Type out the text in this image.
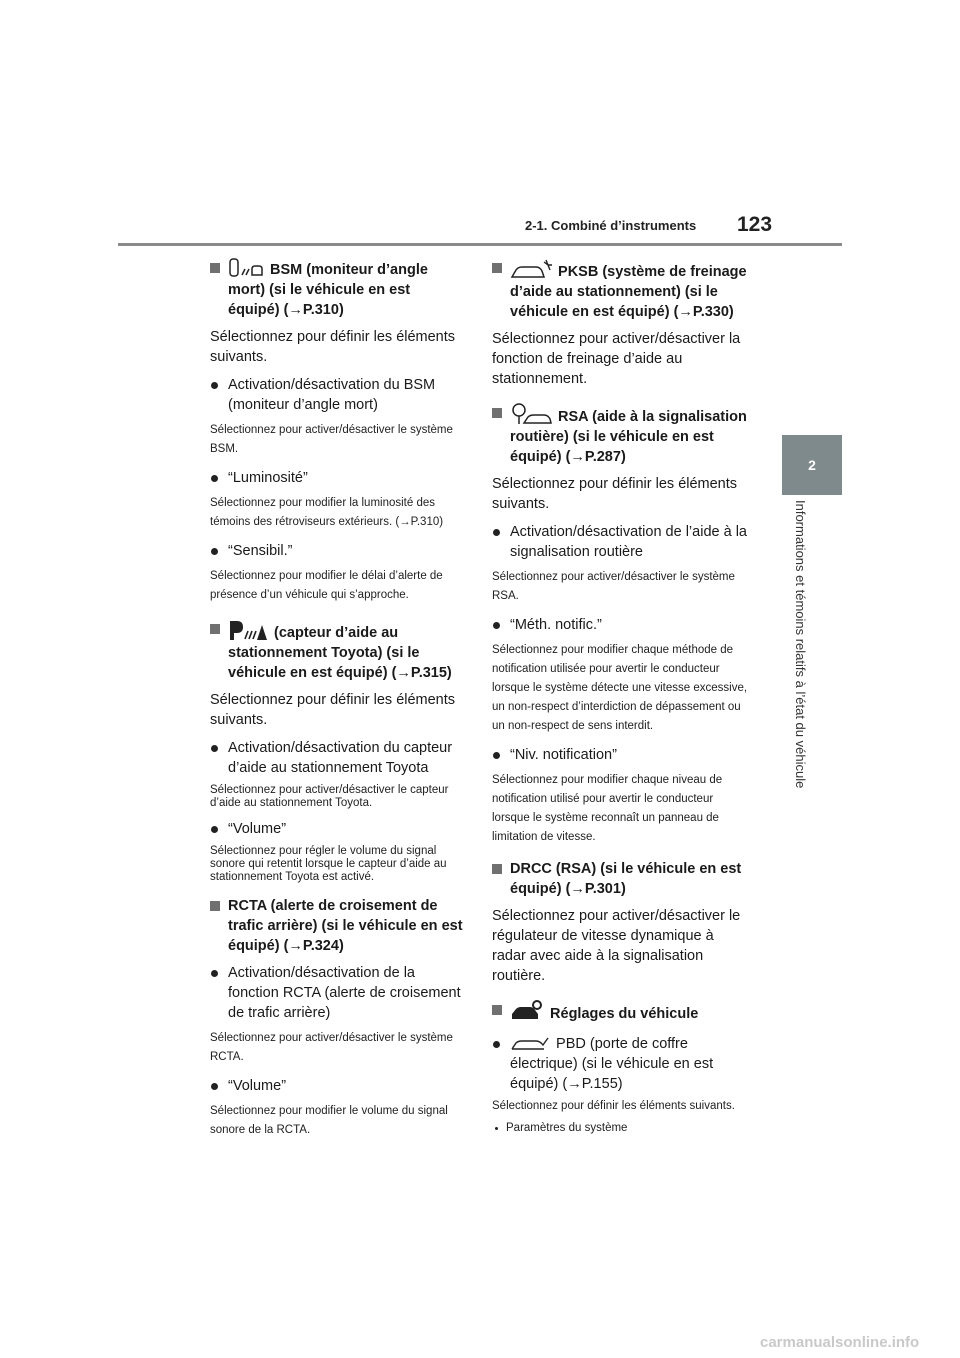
2-1. Combiné d’instruments 123
2
Informations et témoins relatifs à l’état du véhicule
BSM (moniteur d’angle mort) (si le véhicule en est équipé) (→P.310)

Sélectionnez pour définir les éléments suivants.

Activation/désactivation du BSM (moniteur d’angle mort)

Sélectionnez pour activer/désactiver le système BSM.

“Luminosité”

Sélectionnez pour modifier la luminosité des témoins des rétroviseurs extérieurs. (→P.310)

“Sensibil.”

Sélectionnez pour modifier le délai d’alerte de présence d’un véhicule qui s’approche.

(capteur d’aide au stationnement Toyota) (si le véhicule en est équipé) (→P.315)

Sélectionnez pour définir les éléments suivants.

Activation/désactivation du capteur d’aide au stationnement Toyota

Sélectionnez pour activer/désactiver le capteur d’aide au stationnement Toyota.

“Volume”

Sélectionnez pour régler le volume du signal sonore qui retentit lorsque le capteur d’aide au stationnement Toyota est activé.

RCTA (alerte de croisement de trafic arrière) (si le véhicule en est équipé) (→P.324)
Activation/désactivation de la fonction RCTA (alerte de croisement de trafic arrière)

Sélectionnez pour activer/désactiver le système RCTA.

“Volume”

Sélectionnez pour modifier le volume du signal sonore de la RCTA.

PKSB (système de freinage d’aide au stationnement) (si le véhicule en est équipé) (→P.330)

Sélectionnez pour activer/désactiver la fonction de freinage d’aide au stationnement.

RSA (aide à la signalisation routière) (si le véhicule en est équipé) (→P.287)

Sélectionnez pour définir les éléments suivants.

Activation/désactivation de l’aide à la signalisation routière

Sélectionnez pour activer/désactiver le système RSA.

“Méth. notific.”

Sélectionnez pour modifier chaque méthode de notification utilisée pour avertir le conducteur lorsque le système détecte une vitesse excessive, un non-respect d’interdiction de dépassement ou un non-respect de sens interdit.

“Niv. notification”

Sélectionnez pour modifier chaque niveau de notification utilisé pour avertir le conducteur lorsque le système reconnaît un panneau de limitation de vitesse.

DRCC (RSA) (si le véhicule en est équipé) (→P.301)

Sélectionnez pour activer/désactiver le régulateur de vitesse dynamique à radar avec aide à la signalisation routière.

Réglages du véhicule
PBD (porte de coffre électrique) (si le véhicule en est équipé) (→P.155)

Sélectionnez pour définir les éléments suivants.

Paramètres du système
carmanualsonline.info
